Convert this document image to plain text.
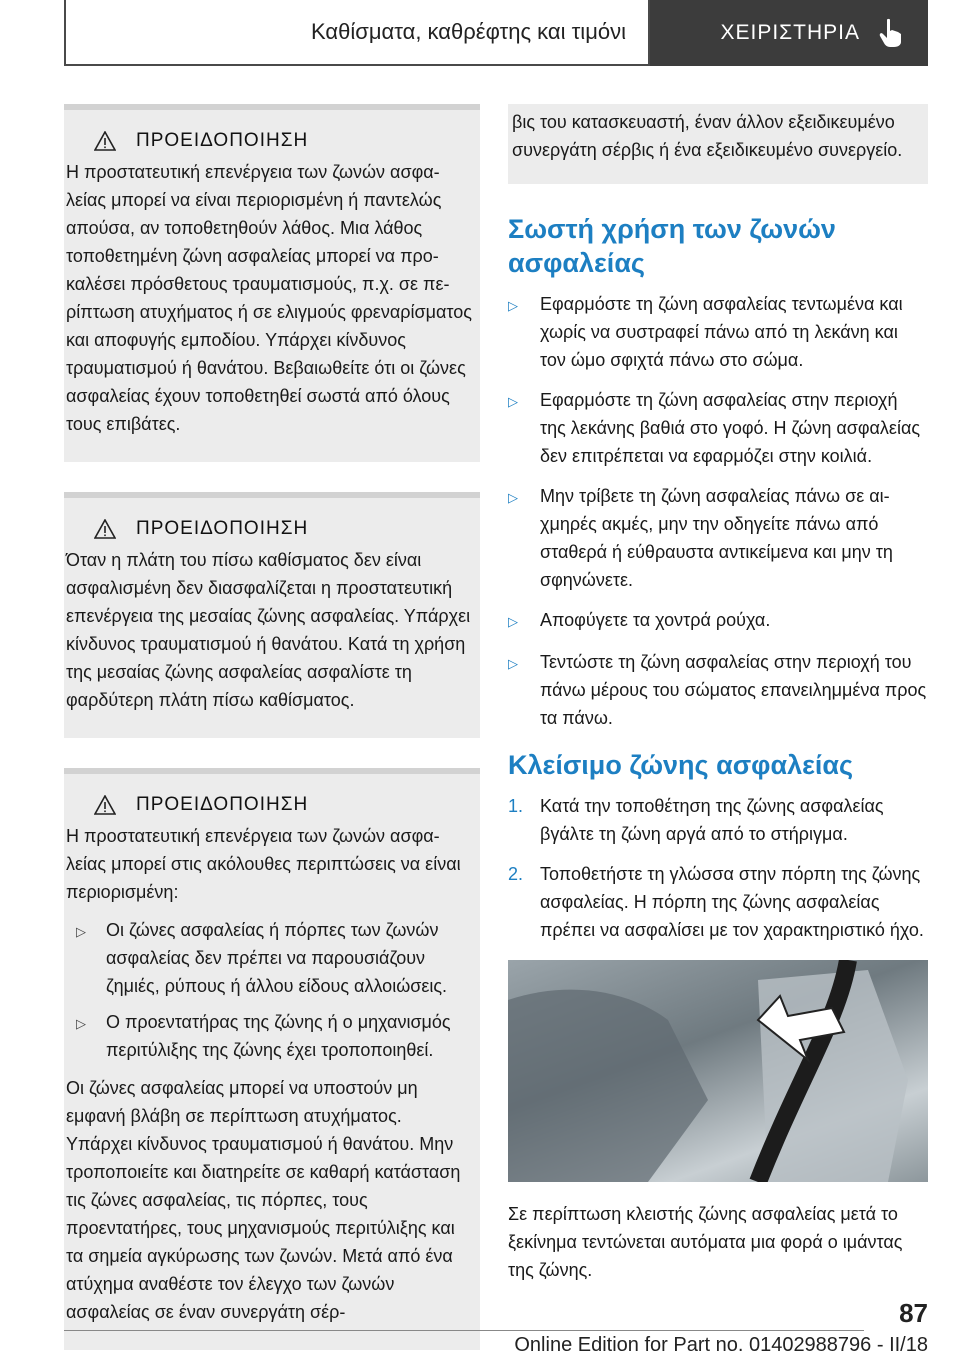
Καθίσματα, καθρέφτης και τιμόνι	ΧΕΙΡΙΣΤΗΡΙΑ
ΠΡΟΕΙΔΟΠΟΙΗΣΗ

Η προστατευτική επενέργεια των ζωνών ασφαλείας μπορεί να είναι περιορισμένη ή παντελώς απούσα, αν τοποθετηθούν λάθος. Μια λάθος τοποθετημένη ζώνη ασφαλείας μπορεί να προκαλέσει πρόσθετους τραυματισμούς, π.χ. σε περίπτωση ατυχήματος ή σε ελιγμούς φρεναρίσματος και αποφυγής εμποδίου. Υπάρχει κίνδυνος τραυματισμού ή θανάτου. Βεβαιωθείτε ότι οι ζώνες ασφαλείας έχουν τοποθετηθεί σωστά από όλους τους επιβάτες.

ΠΡΟΕΙΔΟΠΟΙΗΣΗ

Όταν η πλάτη του πίσω καθίσματος δεν είναι ασφαλισμένη δεν διασφαλίζεται η προστατευτική επενέργεια της μεσαίας ζώνης ασφαλείας. Υπάρχει κίνδυνος τραυματισμού ή θανάτου. Κατά τη χρήση της μεσαίας ζώνης ασφαλείας ασφαλίστε τη φαρδύτερη πλάτη πίσω καθίσματος.

ΠΡΟΕΙΔΟΠΟΙΗΣΗ

Η προστατευτική επενέργεια των ζωνών ασφαλείας μπορεί στις ακόλουθες περιπτώσεις να είναι περιορισμένη:

▷	Οι ζώνες ασφαλείας ή πόρπες των ζωνών ασφαλείας δεν πρέπει να παρουσιάζουν ζημιές, ρύπους ή άλλου είδους αλλοιώσεις.
▷	Ο προεντατήρας της ζώνης ή ο μηχανισμός περιτύλιξης της ζώνης έχει τροποποιηθεί.

Οι ζώνες ασφαλείας μπορεί να υποστούν μη εμφανή βλάβη σε περίπτωση ατυχήματος. Υπάρχει κίνδυνος τραυματισμού ή θανάτου. Μην τροποποιείτε και διατηρείτε σε καθαρή κατάσταση τις ζώνες ασφαλείας, τις πόρπες, τους προεντατήρες, τους μηχανισμούς περιτύλιξης και τα σημεία αγκύρωσης των ζωνών. Μετά από ένα ατύχημα αναθέστε τον έλεγχο των ζωνών ασφαλείας σε έναν συνεργάτη σέρ-

βις του κατασκευαστή, έναν άλλον εξειδικευμένο συνεργάτη σέρβις ή ένα εξειδικευμένο συνεργείο.
Σωστή χρήση των ζωνών ασφαλείας
▷	Εφαρμόστε τη ζώνη ασφαλείας τεντωμένα και χωρίς να συστραφεί πάνω από τη λεκάνη και τον ώμο σφιχτά πάνω στο σώμα.
▷	Εφαρμόστε τη ζώνη ασφαλείας στην περιοχή της λεκάνης βαθιά στο γοφό. Η ζώνη ασφαλείας δεν επιτρέπεται να εφαρμόζει στην κοιλιά.
▷	Μην τρίβετε τη ζώνη ασφαλείας πάνω σε αιχμηρές ακμές, μην την οδηγείτε πάνω από σταθερά ή εύθραυστα αντικείμενα και μην τη σφηνώνετε.
▷	Αποφύγετε τα χοντρά ρούχα.
▷	Τεντώστε τη ζώνη ασφαλείας στην περιοχή του πάνω μέρους του σώματος επανειλημμένα προς τα πάνω.
Κλείσιμο ζώνης ασφαλείας
1. Κατά την τοποθέτηση της ζώνης ασφαλείας βγάλτε τη ζώνη αργά από το στήριγμα.
2. Τοποθετήστε τη γλώσσα στην πόρπη της ζώνης ασφαλείας. Η πόρπη της ζώνης ασφαλείας πρέπει να ασφαλίσει με τον χαρακτηριστικό ήχο.

Σε περίπτωση κλειστής ζώνης ασφαλείας μετά το ξεκίνημα τεντώνεται αυτόματα μια φορά ο ιμάντας της ζώνης.

87
Online Edition for Part no. 01402988796 - II/18
